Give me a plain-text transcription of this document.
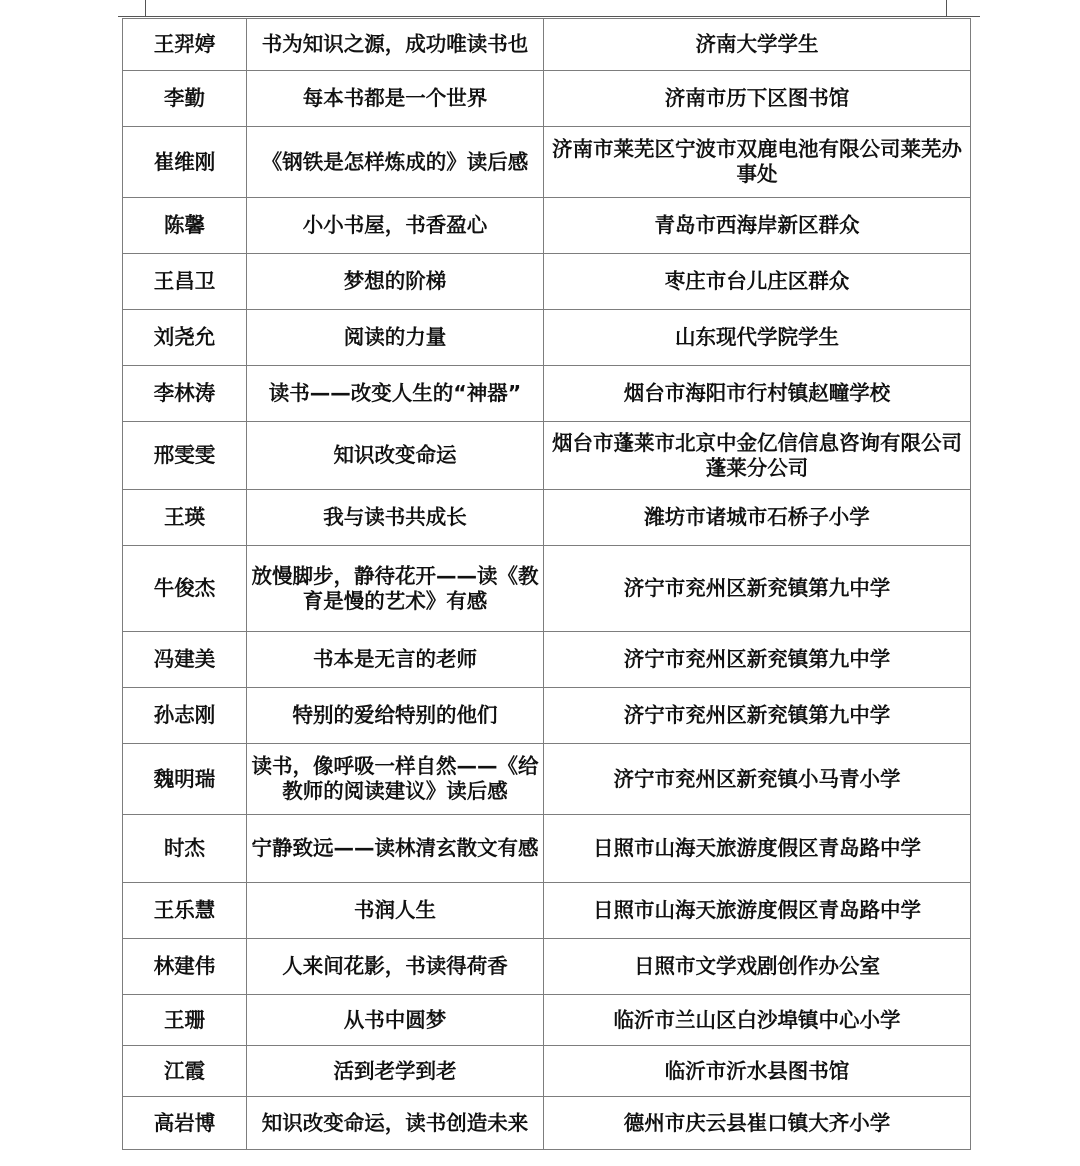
王羿婷	书为知识之源，成功唯读书也	济南大学学生
李勤	每本书都是一个世界	济南市历下区图书馆
崔维刚	《钢铁是怎样炼成的》读后感	济南市莱芜区宁波市双鹿电池有限公司莱芜办事处
陈馨	小小书屋，书香盈心	青岛市西海岸新区群众
王昌卫	梦想的阶梯	枣庄市台儿庄区群众
刘尧允	阅读的力量	山东现代学院学生
李林涛	读书——改变人生的“神器”	烟台市海阳市行村镇赵疃学校
邢雯雯	知识改变命运	烟台市蓬莱市北京中金亿信信息咨询有限公司蓬莱分公司
王瑛	我与读书共成长	潍坊市诸城市石桥子小学
牛俊杰	放慢脚步，静待花开——读《教育是慢的艺术》有感	济宁市兖州区新兖镇第九中学
冯建美	书本是无言的老师	济宁市兖州区新兖镇第九中学
孙志刚	特别的爱给特别的他们	济宁市兖州区新兖镇第九中学
魏明瑞	读书，像呼吸一样自然——《给教师的阅读建议》读后感	济宁市兖州区新兖镇小马青小学
时杰	宁静致远——读林清玄散文有感	日照市山海天旅游度假区青岛路中学
王乐慧	书润人生	日照市山海天旅游度假区青岛路中学
林建伟	人来间花影，书读得荷香	日照市文学戏剧创作办公室
王珊	从书中圆梦	临沂市兰山区白沙埠镇中心小学
江霞	活到老学到老	临沂市沂水县图书馆
高岩博	知识改变命运，读书创造未来	德州市庆云县崔口镇大齐小学
